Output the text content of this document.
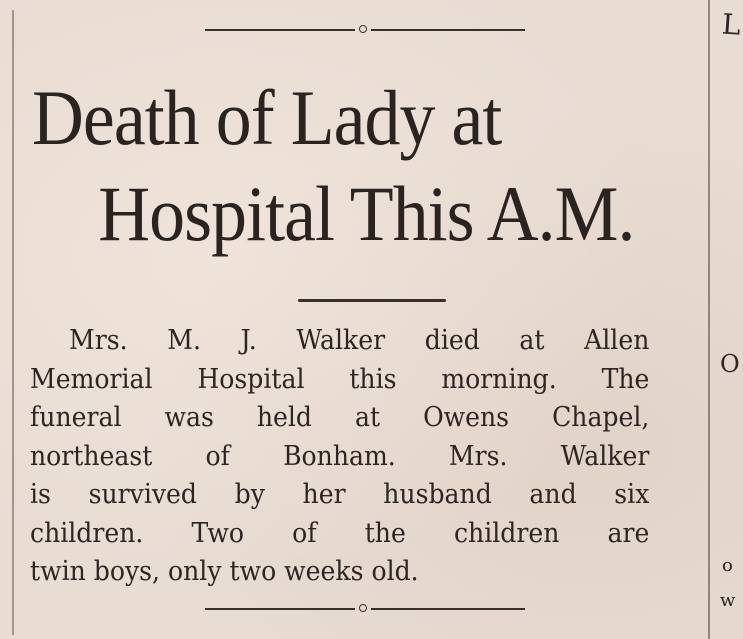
Death of Lady at
Hospital This A.M.
Mrs. M. J. Walker died at Allen
Memorial Hospital this morning. The
funeral was held at Owens Chapel,
northeast of Bonham. Mrs. Walker
is survived by her husband and six
children. Two of the children are
twin boys, only two weeks old.
L
O
o
w
